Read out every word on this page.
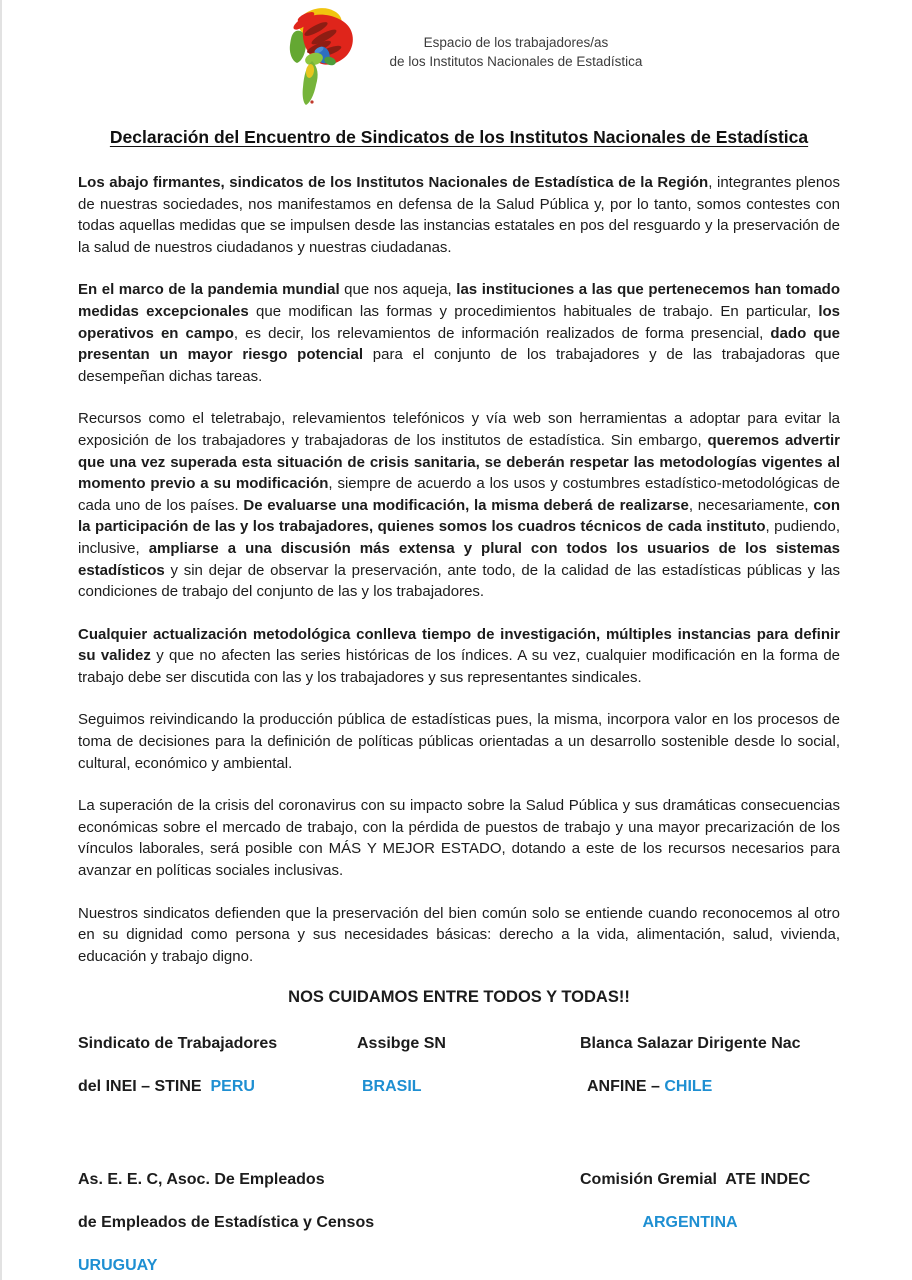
Espacio de los trabajadores/as
de los Institutos Nacionales de Estadística
Declaración del Encuentro de Sindicatos de los Institutos Nacionales de Estadística

Los abajo firmantes, sindicatos de los Institutos Nacionales de Estadística de la Región, integrantes plenos de nuestras sociedades, nos manifestamos en defensa de la Salud Pública y, por lo tanto, somos contestes con todas aquellas medidas que se impulsen desde las instancias estatales en pos del resguardo y la preservación de la salud de nuestros ciudadanos y nuestras ciudadanas.

En el marco de la pandemia mundial que nos aqueja, las instituciones a las que pertenecemos han tomado medidas excepcionales que modifican las formas y procedimientos habituales de trabajo. En particular, los operativos en campo, es decir, los relevamientos de información realizados de forma presencial, dado que presentan un mayor riesgo potencial para el conjunto de los trabajadores y de las trabajadoras que desempeñan dichas tareas.

Recursos como el teletrabajo, relevamientos telefónicos y vía web son herramientas a adoptar para evitar la exposición de los trabajadores y trabajadoras de los institutos de estadística. Sin embargo, queremos advertir que una vez superada esta situación de crisis sanitaria, se deberán respetar las metodologías vigentes al momento previo a su modificación, siempre de acuerdo a los usos y costumbres estadístico-metodológicas de cada uno de los países. De evaluarse una modificación, la misma deberá de realizarse, necesariamente, con la participación de las y los trabajadores, quienes somos los cuadros técnicos de cada instituto, pudiendo, inclusive, ampliarse a una discusión más extensa y plural con todos los usuarios de los sistemas estadísticos y sin dejar de observar la preservación, ante todo, de la calidad de las estadísticas públicas y las condiciones de trabajo del conjunto de las y los trabajadores.

Cualquier actualización metodológica conlleva tiempo de investigación, múltiples instancias para definir su validez y que no afecten las series históricas de los índices. A su vez, cualquier modificación en la forma de trabajo debe ser discutida con las y los trabajadores y sus representantes sindicales.

Seguimos reivindicando la producción pública de estadísticas pues, la misma, incorpora valor en los procesos de toma de decisiones para la definición de políticas públicas orientadas a un desarrollo sostenible desde lo social, cultural, económico y ambiental.

La superación de la crisis del coronavirus con su impacto sobre la Salud Pública y sus dramáticas consecuencias económicas sobre el mercado de trabajo, con la pérdida de puestos de trabajo y una mayor precarización de los vínculos laborales, será posible con MÁS Y MEJOR ESTADO, dotando a este de los recursos necesarios para avanzar en políticas sociales inclusivas.

Nuestros sindicatos defienden que la preservación del bien común solo se entiende cuando reconocemos al otro en su dignidad como persona y sus necesidades básicas: derecho a la vida, alimentación, salud, vivienda, educación y trabajo digno.

NOS CUIDAMOS ENTRE TODOS Y TODAS!!
Sindicato de Trabajadores
del INEI – STINE  PERU
Assibge SN
BRASIL
Blanca Salazar Dirigente Nac
ANFINE – CHILE
As. E. E. C, Asoc. De Empleados
de Empleados de Estadística y Censos
URUGUAY
Comisión Gremial  ATE INDEC
ARGENTINA
